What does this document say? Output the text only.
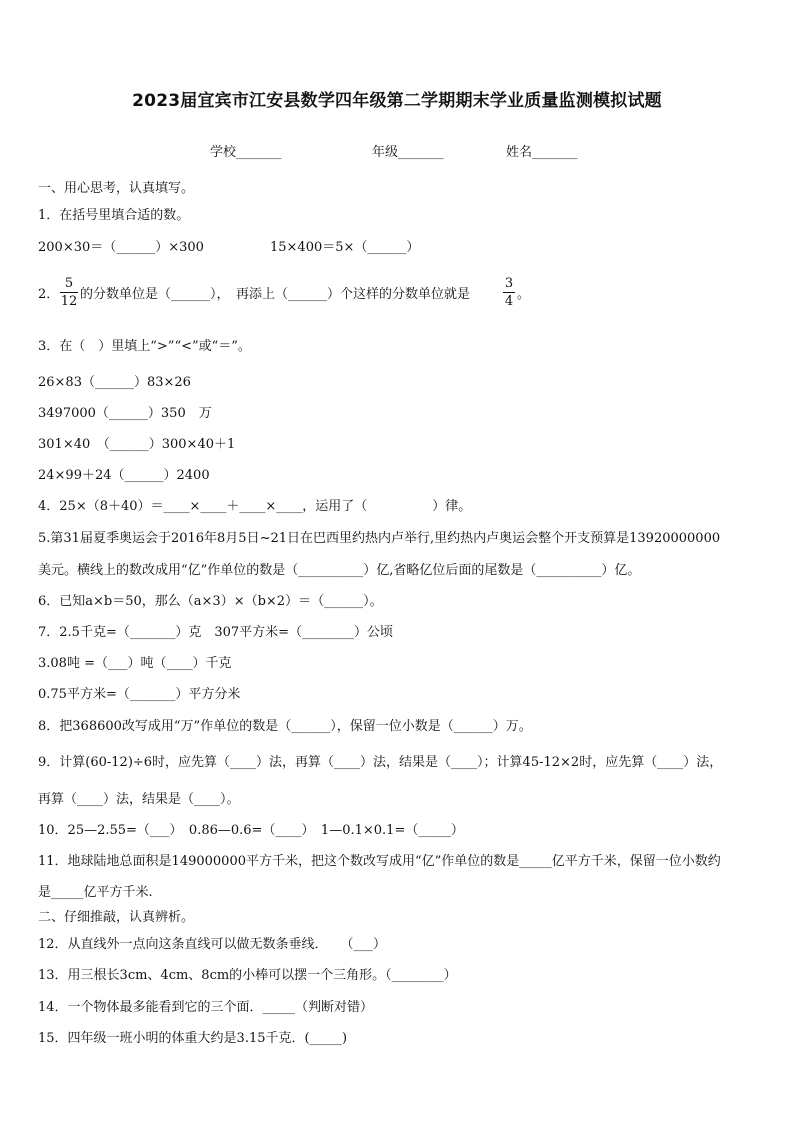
2023届宜宾市江安县数学四年级第二学期期末学业质量监测模拟试题
学校_______	年级_______	姓名_______
一、用心思考，认真填写。
1．在括号里填合适的数。
200×30＝（______）×300	15×400＝5×（______）
2．
5
12 的分数单位是（______），　再添上（______）个这样的分数单位就是
3
4 。
3．在（　）里填上“>”“<”或“＝”。
26×83（______）83×26
3497000（______）350　万
301×40　（______）300×40＋1
24×99＋24（______）2400
4．25×（8＋40）＝____×____＋____×____，运用了（　　　　　）律。
5.第31届夏季奥运会于2016年8月5日~21日在巴西里约热内卢举行,里约热内卢奥运会整个开支预算是13920000000
美元。横线上的数改成用“亿”作单位的数是（__________）亿,省略亿位后面的尾数是（__________）亿。
6．已知a×b＝50，那么（a×3）×（b×2）＝（______）。
7．2.5千克=（_______）克　307平方米=（________）公顷
3.08吨 =（___）吨（____）千克
0.75平方米=（_______）平方分米
8．把368600改写成用“万”作单位的数是（______），保留一位小数是（______）万。
9．计算(60-12)÷6时，应先算（____）法，再算（____）法，结果是（____）；计算45-12×2时，应先算（____）法，
再算（____）法，结果是（____）。
10．25—2.55=（___）　0.86—0.6=（____）　1—0.1×0.1=（_____）
11．地球陆地总面积是149000000平方千米，把这个数改写成用“亿”作单位的数是_____亿平方千米，保留一位小数约
是_____亿平方千米.
二、仔细推敲，认真辨析。
12．从直线外一点向这条直线可以做无数条垂线．　　（___）
13．用三根长3cm、4cm、8cm的小棒可以摆一个三角形。（________）
14．一个物体最多能看到它的三个面．_____（判断对错）
15．四年级一班小明的体重大约是3.15千克．(_____)
